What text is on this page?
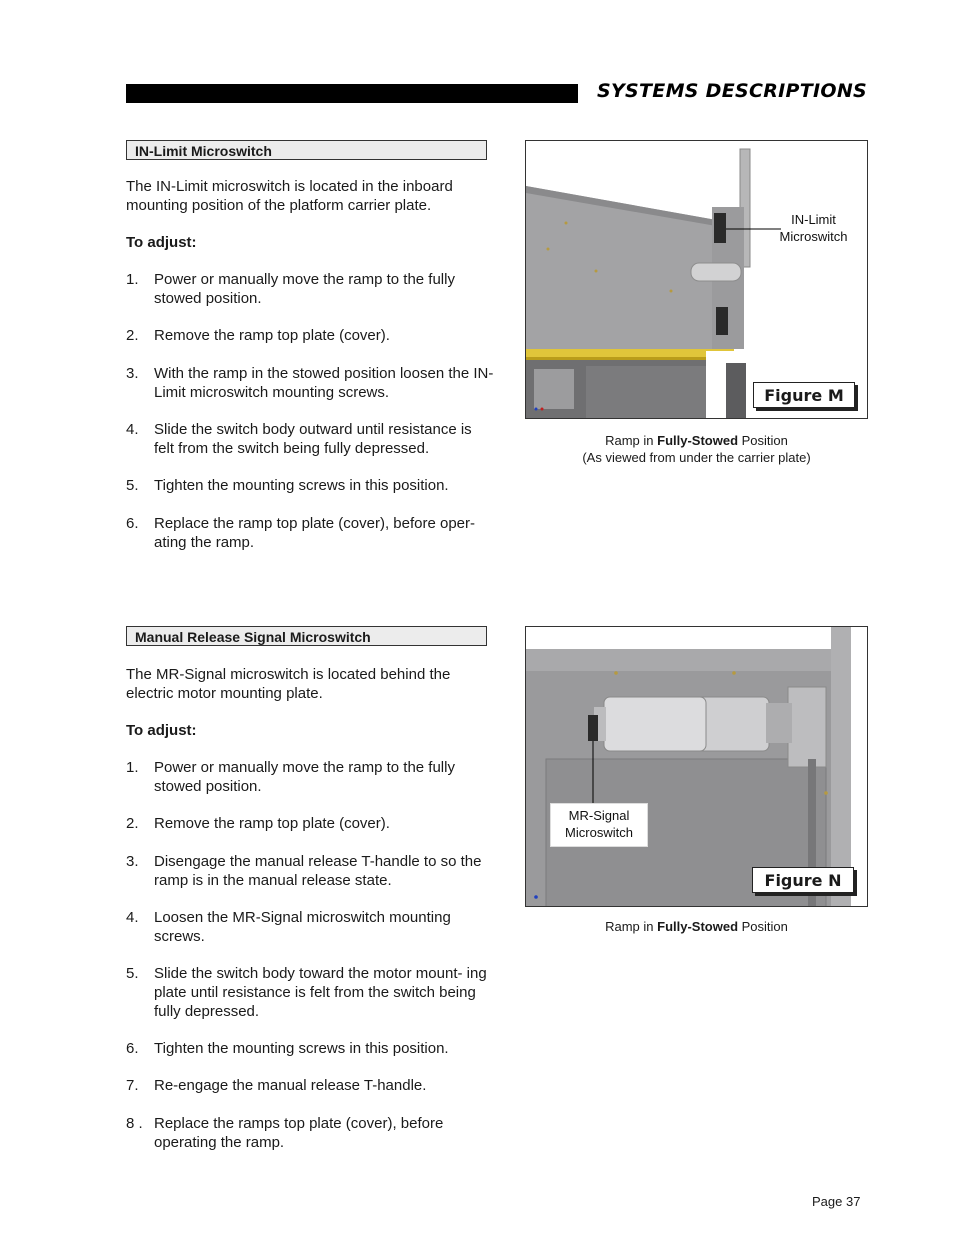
SYSTEMS DESCRIPTIONS
IN-Limit Microswitch
The IN-Limit microswitch is located in the inboard mounting position of the platform carrier plate.
To adjust:
1. Power or manually move the ramp to the fully stowed position.
2. Remove the ramp top plate (cover).
3. With the ramp in the stowed position loosen the IN-Limit microswitch mounting screws.
4. Slide the switch body outward until resistance is felt from the switch being fully depressed.
5. Tighten the mounting screws in this position.
6. Replace the ramp top plate (cover), before oper- ating the ramp.
IN-Limit
Microswitch
Figure M
Ramp in Fully-Stowed Position
(As viewed from under the carrier plate)
Manual Release Signal Microswitch
The MR-Signal microswitch is located behind the electric motor mounting plate.
To adjust:
1. Power or manually move the ramp to the fully stowed position.
2. Remove the ramp top plate (cover).
3. Disengage the manual release T-handle to so the ramp is in the manual release state.
4. Loosen the MR-Signal microswitch mounting screws.
5. Slide the switch body toward the motor mount- ing plate until resistance is felt from the switch being fully depressed.
6. Tighten the mounting screws in this position.
7. Re-engage the manual release T-handle.
8 . Replace the ramps top plate (cover), before operating the ramp.
MR-Signal
Microswitch
Figure N
Ramp in Fully-Stowed Position
Page 37
